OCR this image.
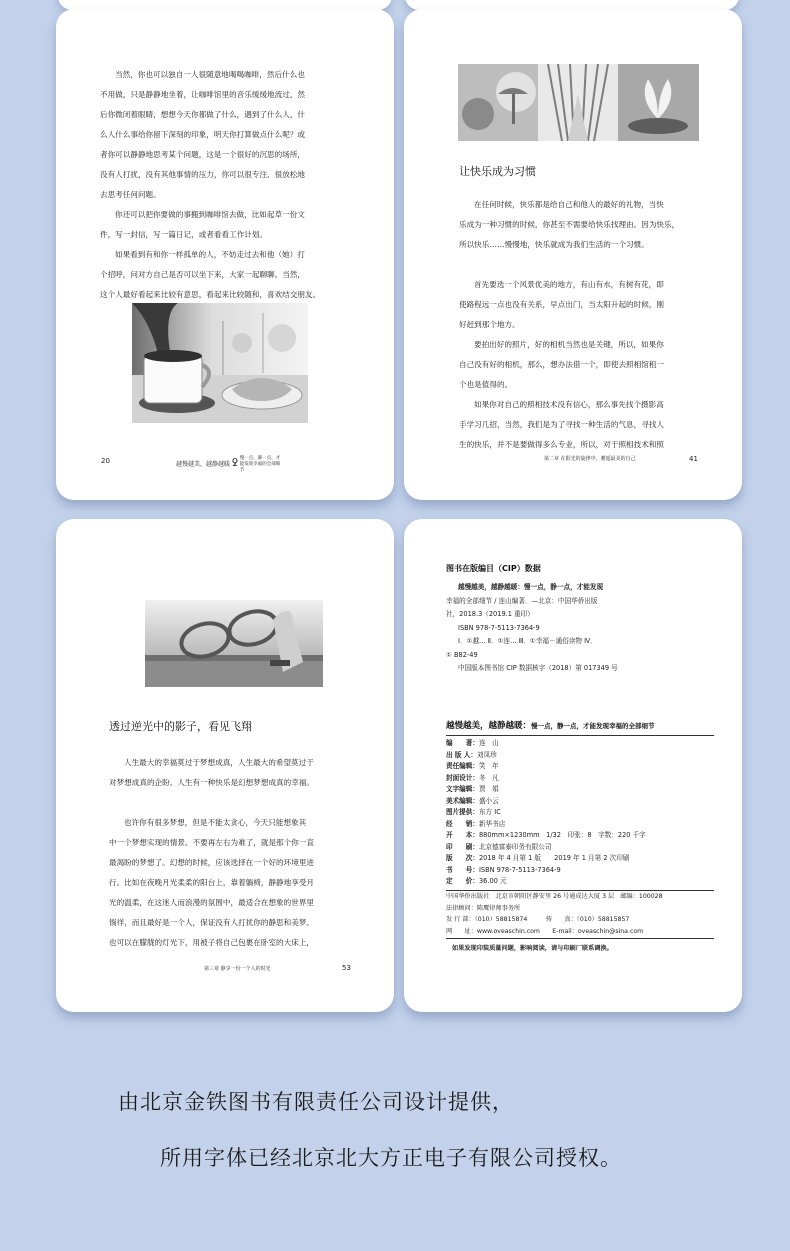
当然，你也可以独自一人很随意地喝喝咖啡，然后什么也
不用做，只是静静地坐着，让咖啡馆里的音乐缓缓地流过，然
后你微闭着眼睛，想想今天你都做了什么，遇到了什么人，什
么人什么事给你留下深刻的印象，明天你打算做点什么呢？或
者你可以静静地思考某个问题，这是一个很好的沉思的场所，
没有人打扰，没有其他事情的压力，你可以很专注、很放松地
去思考任何问题。
你还可以把你要做的事搬到咖啡馆去做，比如起草一份文
件，写一封信，写一篇日记，或者看看工作计划。
如果看到有和你一样孤单的人，不妨走过去和他（她）打
个招呼，问对方自己是否可以坐下来，大家一起聊聊。当然，
这个人最好看起来比较有意思，看起来比较随和，喜欢结交朋友。
20	越慢越美，越静越暖 ꝿ 慢一点，静一点，才能发现幸福的全部细节
让快乐成为习惯
在任何时候，快乐都是给自己和他人的最好的礼物，当快
乐成为一种习惯的时候，你甚至不需要给快乐找理由。因为快乐，
所以快乐……慢慢地，快乐就成为我们生活的一个习惯。
首先要选一个风景优美的地方，有山有水，有树有花，即
使路程远一点也没有关系，早点出门，当太阳升起的时候，刚
好赶到那个地方。
要拍出好的照片，好的相机当然也是关键，所以，如果你
自己没有好的相机，那么，想办法借一个，即使去照相馆租一
个也是值得的。
如果你对自己的照相技术没有信心，那么事先找个摄影高
手学习几招，当然，我们是为了寻找一种生活的气息，寻找人
生的快乐，并不是要做得多么专业，所以，对于照相技术和照
第二章 在阳光的旋律中，邂逅最美的自己	41
透过逆光中的影子，看见飞翔
人生最大的幸福莫过于梦想成真，人生最大的希望莫过于
对梦想成真的企盼。人生有一种快乐是幻想梦想成真的幸福。
也许你有很多梦想，但是不能太贪心，今天只能想象其
中一个梦想实现的情景。不要再左右为难了，就是那个你一直
最渴盼的梦想了。幻想的时候，应该选择在一个好的环境里进
行。比如在夜晚月光柔柔的阳台上，靠着躺椅，静静地享受月
光的温柔，在这迷人而浪漫的氛围中，最适合在想象的世界里
徜徉，而且最好是一个人，保证没有人打扰你的静思和美梦。
也可以在朦胧的灯光下，用被子将自己包裹在卧室的大床上，
第三章 静享一份一个人的时光	53
图书在版编目（CIP）数据
越慢越美，越静越暖：慢一点，静一点，才能发现
幸福的全部细节 / 连山编著．—北京：中国华侨出版
社，2018.3（2019.1 重印）
ISBN 978-7-5113-7364-9
Ⅰ．①越… Ⅱ．①连… Ⅲ．①幸福－通俗读物 Ⅳ．
① B82-49
中国版本图书馆 CIP 数据核字（2018）第 017349 号
越慢越美，越静越暖：慢一点，静一点，才能发现幸福的全部细节
编　　著：连　山
出 版 人：刘凤珍
责任编辑：笑　年
封面设计：冬　凡
文字编辑：贾　娟
美术编辑：盛小云
图片提供：东方 IC
经　　销：新华书店
开　　本：880mm×1230mm　1/32　印张：8　字数：220 千字
印　　刷：北京德富泰印务有限公司
版　　次：2018 年 4 月第 1 版　　2019 年 1 月第 2 次印刷
书　　号：ISBN 978-7-5113-7364-9
定　　价：36.00 元
中国华侨出版社　北京市朝阳区静安里 26 号通成达大厦 3 层　邮编：100028
法律顾问：陈鹰律师事务所
发 行 部：（010）58815874　　　传　　真：（010）58815857
网　　址：www.oveaschin.com　　E-mail：oveaschin@sina.com
如果发现印装质量问题，影响阅读，请与印刷厂联系调换。
由北京金铁图书有限责任公司设计提供，
所用字体已经北京北大方正电子有限公司授权。
